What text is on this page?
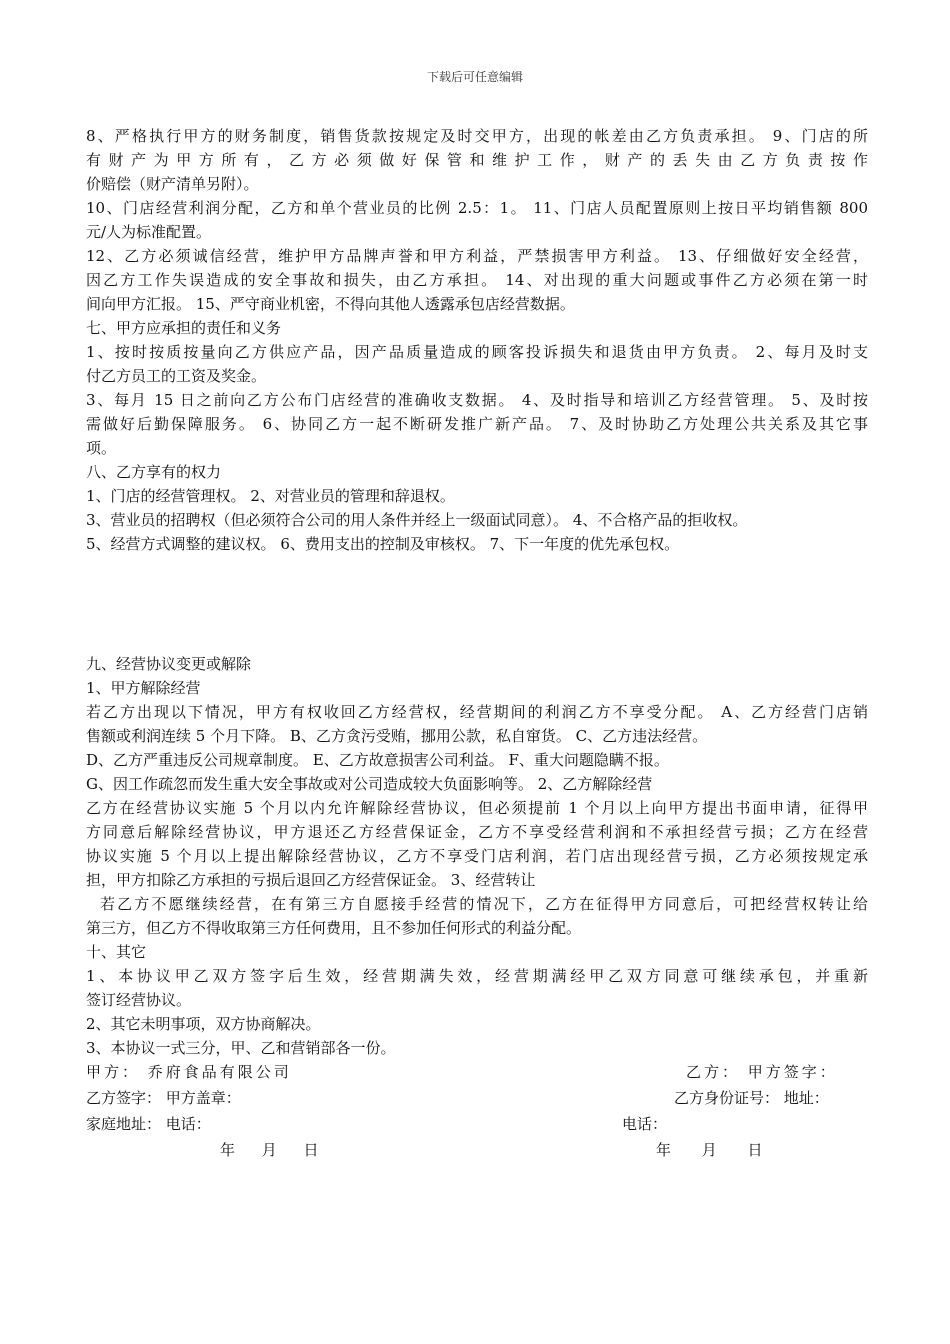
下载后可任意编辑
8、严格执行甲方的财务制度，销售货款按规定及时交甲方，出现的帐差由乙方负责承担。 9、门店的所
有财产为甲方所有，乙方必须做好保管和维护工作，财产的丢失由乙方负责按作
价赔偿（财产清单另附）。
10、门店经营利润分配，乙方和单个营业员的比例 2.5：1。 11、门店人员配置原则上按日平均销售额 800
元/人为标准配置。
12、乙方必须诚信经营，维护甲方品牌声誉和甲方利益，严禁损害甲方利益。 13、仔细做好安全经营，
因乙方工作失误造成的安全事故和损失，由乙方承担。 14、对出现的重大问题或事件乙方必须在第一时
间向甲方汇报。 15、严守商业机密，不得向其他人透露承包店经营数据。
七、甲方应承担的责任和义务
1、按时按质按量向乙方供应产品，因产品质量造成的顾客投诉损失和退货由甲方负责。 2、每月及时支
付乙方员工的工资及奖金。
3、每月 15 日之前向乙方公布门店经营的准确收支数据。 4、及时指导和培训乙方经营管理。 5、及时按
需做好后勤保障服务。 6、协同乙方一起不断研发推广新产品。 7、及时协助乙方处理公共关系及其它事
项。
八、乙方享有的权力
1、门店的经营管理权。 2、对营业员的管理和辞退权。
3、营业员的招聘权（但必须符合公司的用人条件并经上一级面试同意）。 4、不合格产品的拒收权。
5、经营方式调整的建议权。 6、费用支出的控制及审核权。 7、下一年度的优先承包权。
九、经营协议变更或解除
1、甲方解除经营
若乙方出现以下情况，甲方有权收回乙方经营权，经营期间的利润乙方不享受分配。 A、乙方经营门店销
售额或利润连续 5 个月下降。 B、乙方贪污受贿，挪用公款，私自窜货。 C、乙方违法经营。
D、乙方严重违反公司规章制度。 E、乙方故意损害公司利益。 F、重大问题隐瞒不报。
G、因工作疏忽而发生重大安全事故或对公司造成较大负面影响等。 2、乙方解除经营
乙方在经营协议实施 5 个月以内允许解除经营协议，但必须提前 1 个月以上向甲方提出书面申请，征得甲
方同意后解除经营协议，甲方退还乙方经营保证金，乙方不享受经营利润和不承担经营亏损；乙方在经营
协议实施 5 个月以上提出解除经营协议，乙方不享受门店利润，若门店出现经营亏损，乙方必须按规定承
担，甲方扣除乙方承担的亏损后退回乙方经营保证金。 3、经营转让
若乙方不愿继续经营，在有第三方自愿接手经营的情况下，乙方在征得甲方同意后，可把经营权转让给
第三方，但乙方不得收取第三方任何费用，且不参加任何形式的利益分配。
十、其它
1、本协议甲乙双方签字后生效，经营期满失效，经营期满经甲乙双方同意可继续承包，并重新
签订经营协议。
2、其它未明事项，双方协商解决。
3、本协议一式三分，甲、乙和营销部各一份。
甲方： 乔府食品有限公司	乙方： 甲方签字：
乙方签字： 甲方盖章：	乙方身份证号： 地址：
家庭地址： 电话：	电话：
年 月 日	年 月 日
